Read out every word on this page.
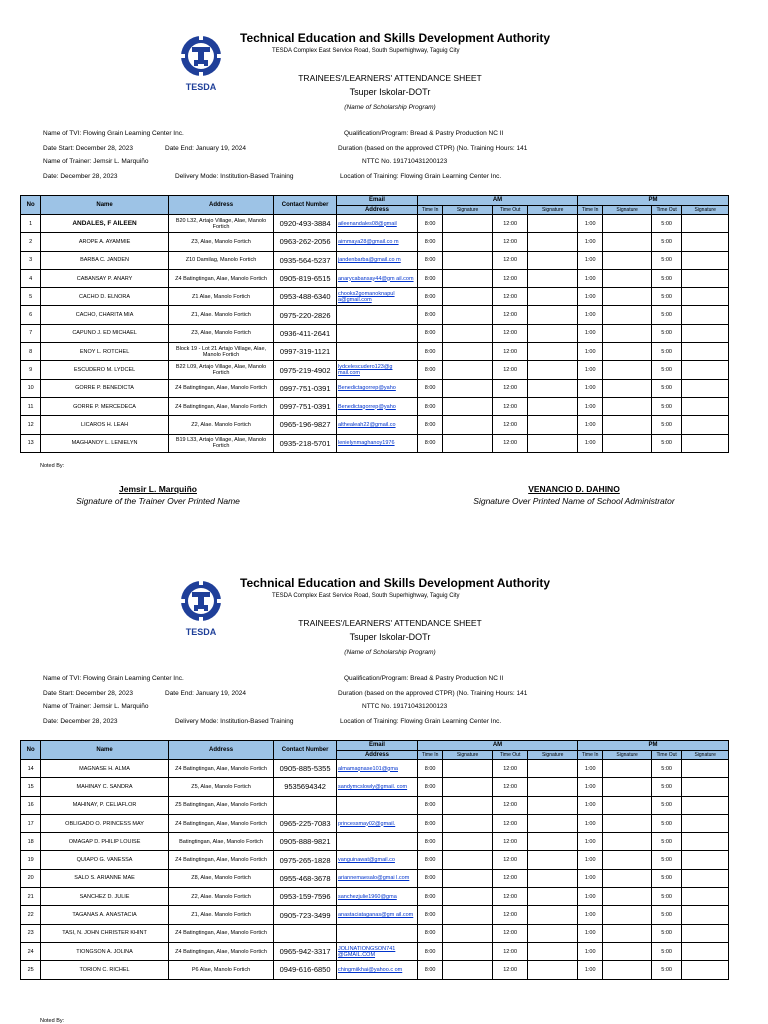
TESDA
Technical Education and Skills Development Authority
TESDA Complex East Service Road, South Superhighway, Taguig City
TRAINEES'/LEARNERS' ATTENDANCE SHEET
Tsuper Iskolar-DOTr
(Name of Scholarship Program)
Name of TVI: Flowing Grain Learning Center Inc.
Date Start: December 28, 2023	Date End: January 19, 2024
Name of Trainer: Jemsir L. Marquiño
Date: December 28, 2023	Delivery Mode: Institution-Based Training
Qualification/Program: Bread & Pastry Production NC II
Duration (based on the approved CTPR) (No. Training Hours: 141
NTTC No. 191710431200123
Location of Training: Flowing Grain Learning Center Inc.
No	Name	Address	Contact Number	Email	AM				PM			
				Address	Time In	Signature	Time Out	Signature	Time In	Signature	Time Out	Signature
1	ANDALES, F AILEEN	B20 L32, Artajo Village, Alae, Manolo Fortich	0920-493-3884	aileenandales08@gmail	8:00		12:00		1:00		5:00	
2	AROPE A. AYAMMIE	Z3, Alae, Manolo Fortich	0963-262-2056	aimmaya28@gmail.co m	8:00		12:00		1:00		5:00	
3	BARBA C. JANDEN	Z10 Damilag, Manolo Fortich	0935-564-5237	jandenbarba@gmail.co m	8:00		12:00		1:00		5:00	
4	CABANSAY P. ANARY	Z4 Batingtingan, Alae, Manolo Fortich	0905-819-6515	anarycabansay44@gm ail.com	8:00		12:00		1:00		5:00	
5	CACHO D. ELNORA	Z1 Alae, Manolo Fortich	0953-488-6340	chooks2gomanoknapul a@gmail.com	8:00		12:00		1:00		5:00	
6	CACHO, CHARITA MIA	Z1, Alae. Manolo Fortich	0975-220-2826		8:00		12:00		1:00		5:00	
7	CAPUNO J. ED MICHAEL	Z3, Alae, Manolo Fortich	0936-411-2641		8:00		12:00		1:00		5:00	
8	ENOY L. ROTCHEL	Block 19 - Lot 21 Artajo Village, Alae, Manolo Fortich	0997-319-1121		8:00		12:00		1:00		5:00	
9	ESCUDERO M. LYDCEL	B22 L09, Artajo Village, Alae, Manolo Fortich	0975-219-4902	lydcelescudero123@g mail.com	8:00		12:00		1:00		5:00	
10	GORRE P. BENEDICTA	Z4 Batingtingan, Alae, Manolo Fortich	0997-751-0391	Benedictagorrep@yaho	8:00		12:00		1:00		5:00	
11	GORRE P. MERCEDECA	Z4 Batingtingan, Alae, Manolo Fortich	0997-751-0391	Benedictagorrep@yaho	8:00		12:00		1:00		5:00	
12	LICAROS H. LEAH	Z2, Alae. Manolo Fortich	0965-196-9827	althealeah22@gmail.co	8:00		12:00		1:00		5:00	
13	MAGHANOY L. LENIELYN	B19 L33, Artajo Village, Alae, Manolo Fortich	0935-218-5701	lenielynmaghanoy1976	8:00		12:00		1:00		5:00	
Noted By:
Jemsir L. Marquiño
Signature of the Trainer Over Printed Name
VENANCIO D. DAHINO
Signature Over Printed Name of School Administrator
TESDA
Technical Education and Skills Development Authority
TESDA Complex East Service Road, South Superhighway, Taguig City
TRAINEES'/LEARNERS' ATTENDANCE SHEET
Tsuper Iskolar-DOTr
(Name of Scholarship Program)
Name of TVI: Flowing Grain Learning Center Inc.
Date Start: December 28, 2023	Date End: January 19, 2024
Name of Trainer: Jemsir L. Marquiño
Date: December 28, 2023	Delivery Mode: Institution-Based Training
Qualification/Program: Bread & Pastry Production NC II
Duration (based on the approved CTPR) (No. Training Hours: 141
NTTC No. 191710431200123
Location of Training: Flowing Grain Learning Center Inc.
No	Name	Address	Contact Number	Email	AM				PM			
				Address	Time In	Signature	Time Out	Signature	Time In	Signature	Time Out	Signature
14	MAGNASE H. ALMA	Z4 Batingtingan, Alae, Manolo Fortich	0905-885-5355	almamagnase101@gma	8:00		12:00		1:00		5:00	
15	MAHINAY C. SANDRA	Z5, Alae, Manolo Fortich	9535694342	sandymcslowly@gmail. com	8:00		12:00		1:00		5:00	
16	MAHINAY, P. CELIAFLOR	Z5 Batingtingan, Alae, Manolo Fortich			8:00		12:00		1:00		5:00	
17	OBLIGADO O. PRINCESS MAY	Z4 Batingtingan, Alae, Manolo Fortich	0965-225-7083	princessmay02@gmail.	8:00		12:00		1:00		5:00	
18	OMAGAP D. PHILIP LOUISE	Batingtingan, Alae, Manolo Fortich	0905-888-9821		8:00		12:00		1:00		5:00	
19	QUIAPO G. VANESSA	Z4 Batingtingan, Alae, Manolo Fortich	0975-265-1828	vanguinawat@gmail.co	8:00		12:00		1:00		5:00	
20	SALO S. ARIANNE MAE	Z8, Alae, Manolo Fortich	0955-468-3678	ariannemaesalo@gmai l.com	8:00		12:00		1:00		5:00	
21	SANCHEZ D. JULIE	Z2, Alae. Manolo Fortich	0953-159-7596	sanchezjulie1960@gma	8:00		12:00		1:00		5:00	
22	TAGANAS A. ANASTACIA	Z1, Alae. Manolo Fortich	0905-723-3499	anastaciataganas@gm ail.com	8:00		12:00		1:00		5:00	
23	TASI, N. JOHN CHRISTER KHINT	Z4 Batingtingan, Alae, Manolo Fortich			8:00		12:00		1:00		5:00	
24	TIONGSON A. JOLINA	Z4 Batingtingan, Alae, Manolo Fortich	0965-942-3317	JOLINATIONGSON741 @GMAIL.COM	8:00		12:00		1:00		5:00	
25	TORION C. RICHEL	P6 Alae, Manolo Fortich	0949-616-6850	chingmiikhai@yahoo.c om	8:00		12:00		1:00		5:00	
Noted By:
